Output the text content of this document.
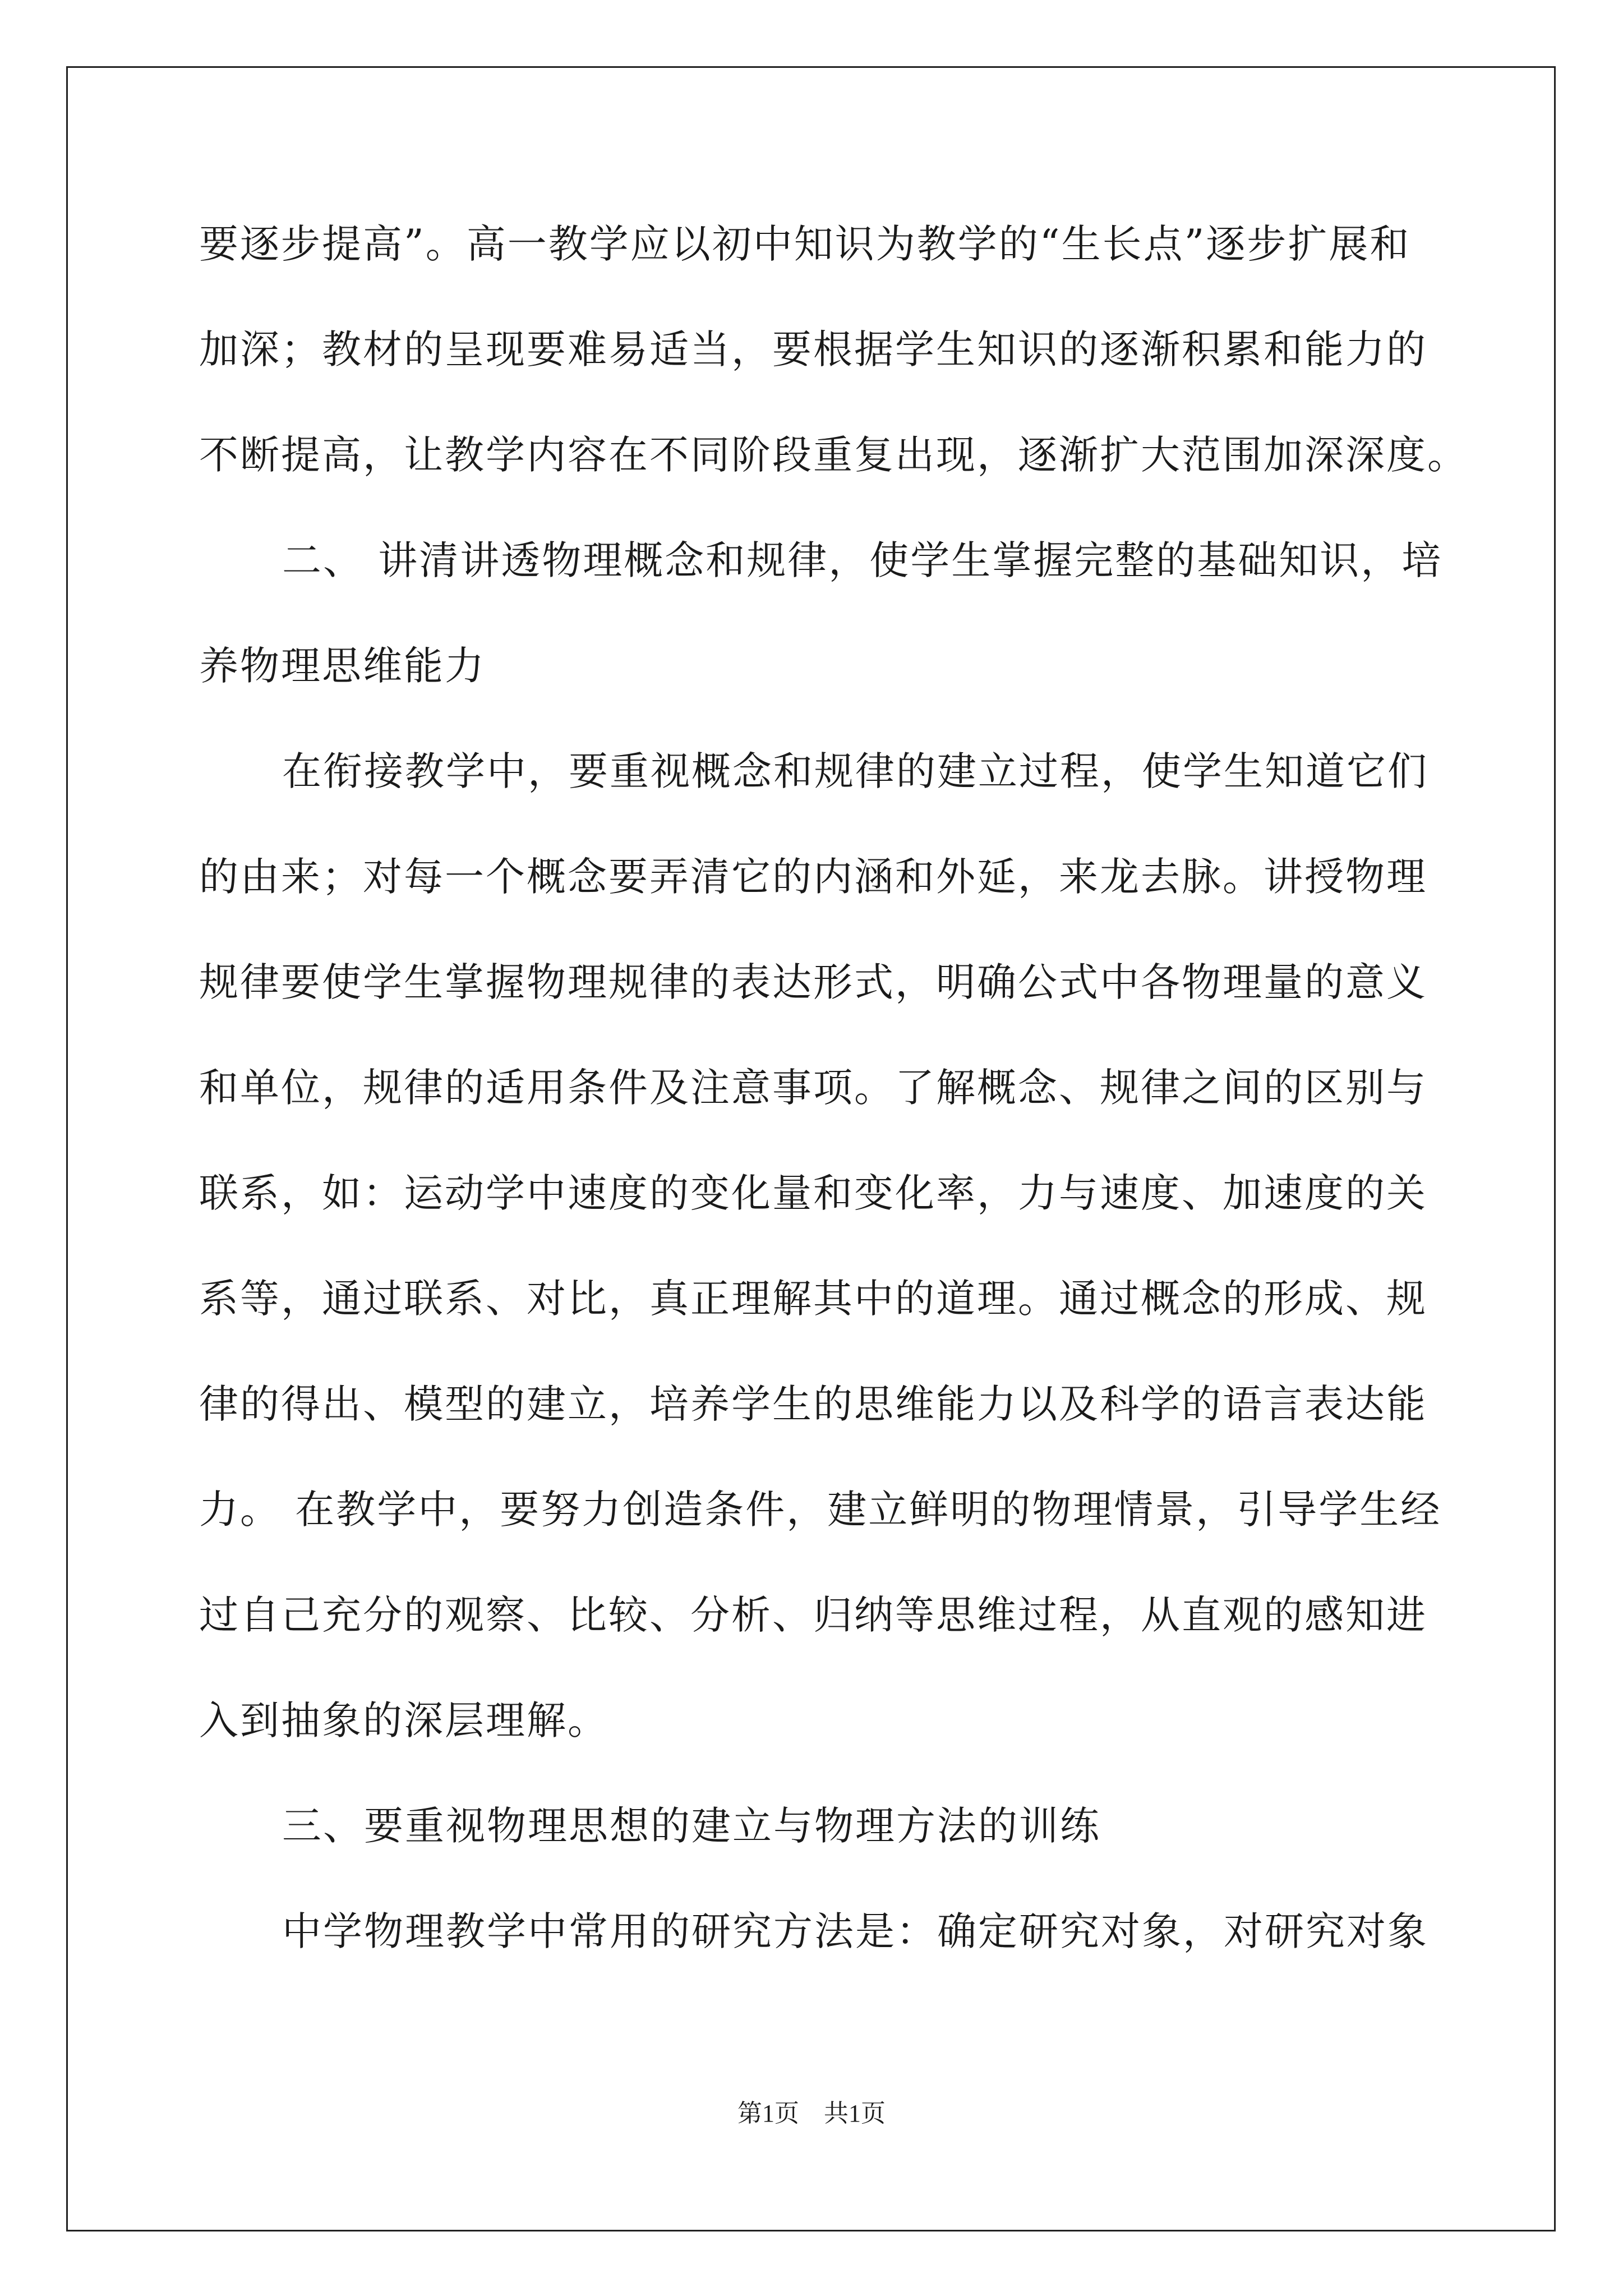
要逐步提高”。高一教学应以初中知识为教学的“生长点”逐步扩展和
加深；教材的呈现要难易适当，要根据学生知识的逐渐积累和能力的
不断提高，让教学内容在不同阶段重复出现，逐渐扩大范围加深深度。
二、 讲清讲透物理概念和规律，使学生掌握完整的基础知识，培
养物理思维能力
在衔接教学中，要重视概念和规律的建立过程，使学生知道它们
的由来；对每一个概念要弄清它的内涵和外延，来龙去脉。讲授物理
规律要使学生掌握物理规律的表达形式，明确公式中各物理量的意义
和单位，规律的适用条件及注意事项。了解概念、规律之间的区别与
联系，如：运动学中速度的变化量和变化率，力与速度、加速度的关
系等，通过联系、对比，真正理解其中的道理。通过概念的形成、规
律的得出、模型的建立，培养学生的思维能力以及科学的语言表达能
力。 在教学中，要努力创造条件，建立鲜明的物理情景，引导学生经
过自己充分的观察、比较、分析、归纳等思维过程，从直观的感知进
入到抽象的深层理解。
三、要重视物理思想的建立与物理方法的训练
中学物理教学中常用的研究方法是：确定研究对象，对研究对象
第1页　共1页
